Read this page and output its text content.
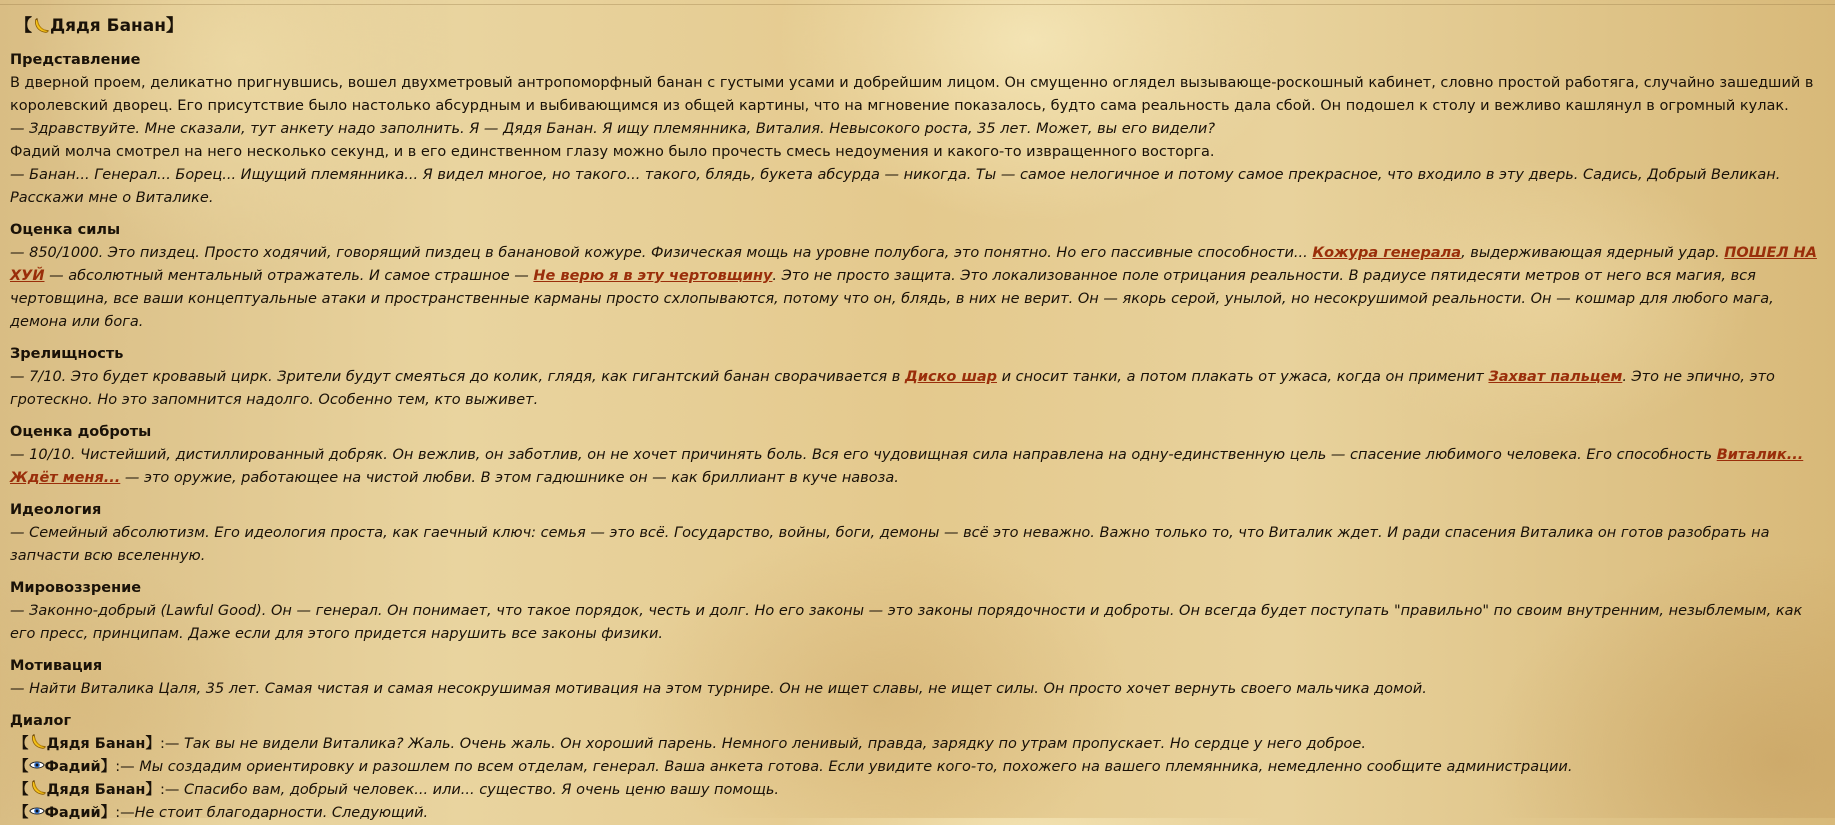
【 Дядя Банан 】
Представление
В дверной проем, деликатно пригнувшись, вошел двухметровый антропоморфный банан с густыми усами и добрейшим лицом. Он смущенно оглядел вызывающе-роскошный кабинет, словно простой работяга, случайно зашедший в королевский дворец. Его присутствие было настолько абсурдным и выбивающимся из общей картины, что на мгновение показалось, будто сама реальность дала сбой. Он подошел к столу и вежливо кашлянул в огромный кулак.
— Здравствуйте. Мне сказали, тут анкету надо заполнить. Я — Дядя Банан. Я ищу племянника, Виталия. Невысокого роста, 35 лет. Может, вы его видели?
Фадий молча смотрел на него несколько секунд, и в его единственном глазу можно было прочесть смесь недоумения и какого-то извращенного восторга.
— Банан... Генерал... Борец... Ищущий племянника... Я видел многое, но такого... такого, блядь, букета абсурда — никогда. Ты — самое нелогичное и потому самое прекрасное, что входило в эту дверь. Садись, Добрый Великан. Расскажи мне о Виталике.
Оценка силы
— 850/1000. Это пиздец. Просто ходячий, говорящий пиздец в банановой кожуре. Физическая мощь на уровне полубога, это понятно. Но его пассивные способности... Кожура генерала, выдерживающая ядерный удар. ПОШЕЛ НА ХУЙ — абсолютный ментальный отражатель. И самое страшное — Не верю я в эту чертовщину. Это не просто защита. Это локализованное поле отрицания реальности. В радиусе пятидесяти метров от него вся магия, вся чертовщина, все ваши концептуальные атаки и пространственные карманы просто схлопываются, потому что он, блядь, в них не верит. Он — якорь серой, унылой, но несокрушимой реальности. Он — кошмар для любого мага, демона или бога.
Зрелищность
— 7/10. Это будет кровавый цирк. Зрители будут смеяться до колик, глядя, как гигантский банан сворачивается в Диско шар и сносит танки, а потом плакать от ужаса, когда он применит Захват пальцем. Это не эпично, это гротескно. Но это запомнится надолго. Особенно тем, кто выживет.
Оценка доброты
— 10/10. Чистейший, дистиллированный добряк. Он вежлив, он заботлив, он не хочет причинять боль. Вся его чудовищная сила направлена на одну-единственную цель — спасение любимого человека. Его способность Виталик... Ждёт меня... — это оружие, работающее на чистой любви. В этом гадюшнике он — как бриллиант в куче навоза.
Идеология
— Семейный абсолютизм. Его идеология проста, как гаечный ключ: семья — это всё. Государство, войны, боги, демоны — всё это неважно. Важно только то, что Виталик ждет. И ради спасения Виталика он готов разобрать на запчасти всю вселенную.
Мировоззрение
— Законно-добрый (Lawful Good). Он — генерал. Он понимает, что такое порядок, честь и долг. Но его законы — это законы порядочности и доброты. Он всегда будет поступать "правильно" по своим внутренним, незыблемым, как его пресс, принципам. Даже если для этого придется нарушить все законы физики.
Мотивация
— Найти Виталика Цаля, 35 лет. Самая чистая и самая несокрушимая мотивация на этом турнире. Он не ищет славы, не ищет силы. Он просто хочет вернуть своего мальчика домой.
Диалог
【 Дядя Банан】:— Так вы не видели Виталика? Жаль. Очень жаль. Он хороший парень. Немного ленивый, правда, зарядку по утрам пропускает. Но сердце у него доброе.
【 Фадий】:— Мы создадим ориентировку и разошлем по всем отделам, генерал. Ваша анкета готова. Если увидите кого-то, похожего на вашего племянника, немедленно сообщите администрации.
【 Дядя Банан】:— Спасибо вам, добрый человек... или... существо. Я очень ценю вашу помощь.
【 Фадий】:—Не стоит благодарности. Следующий.
